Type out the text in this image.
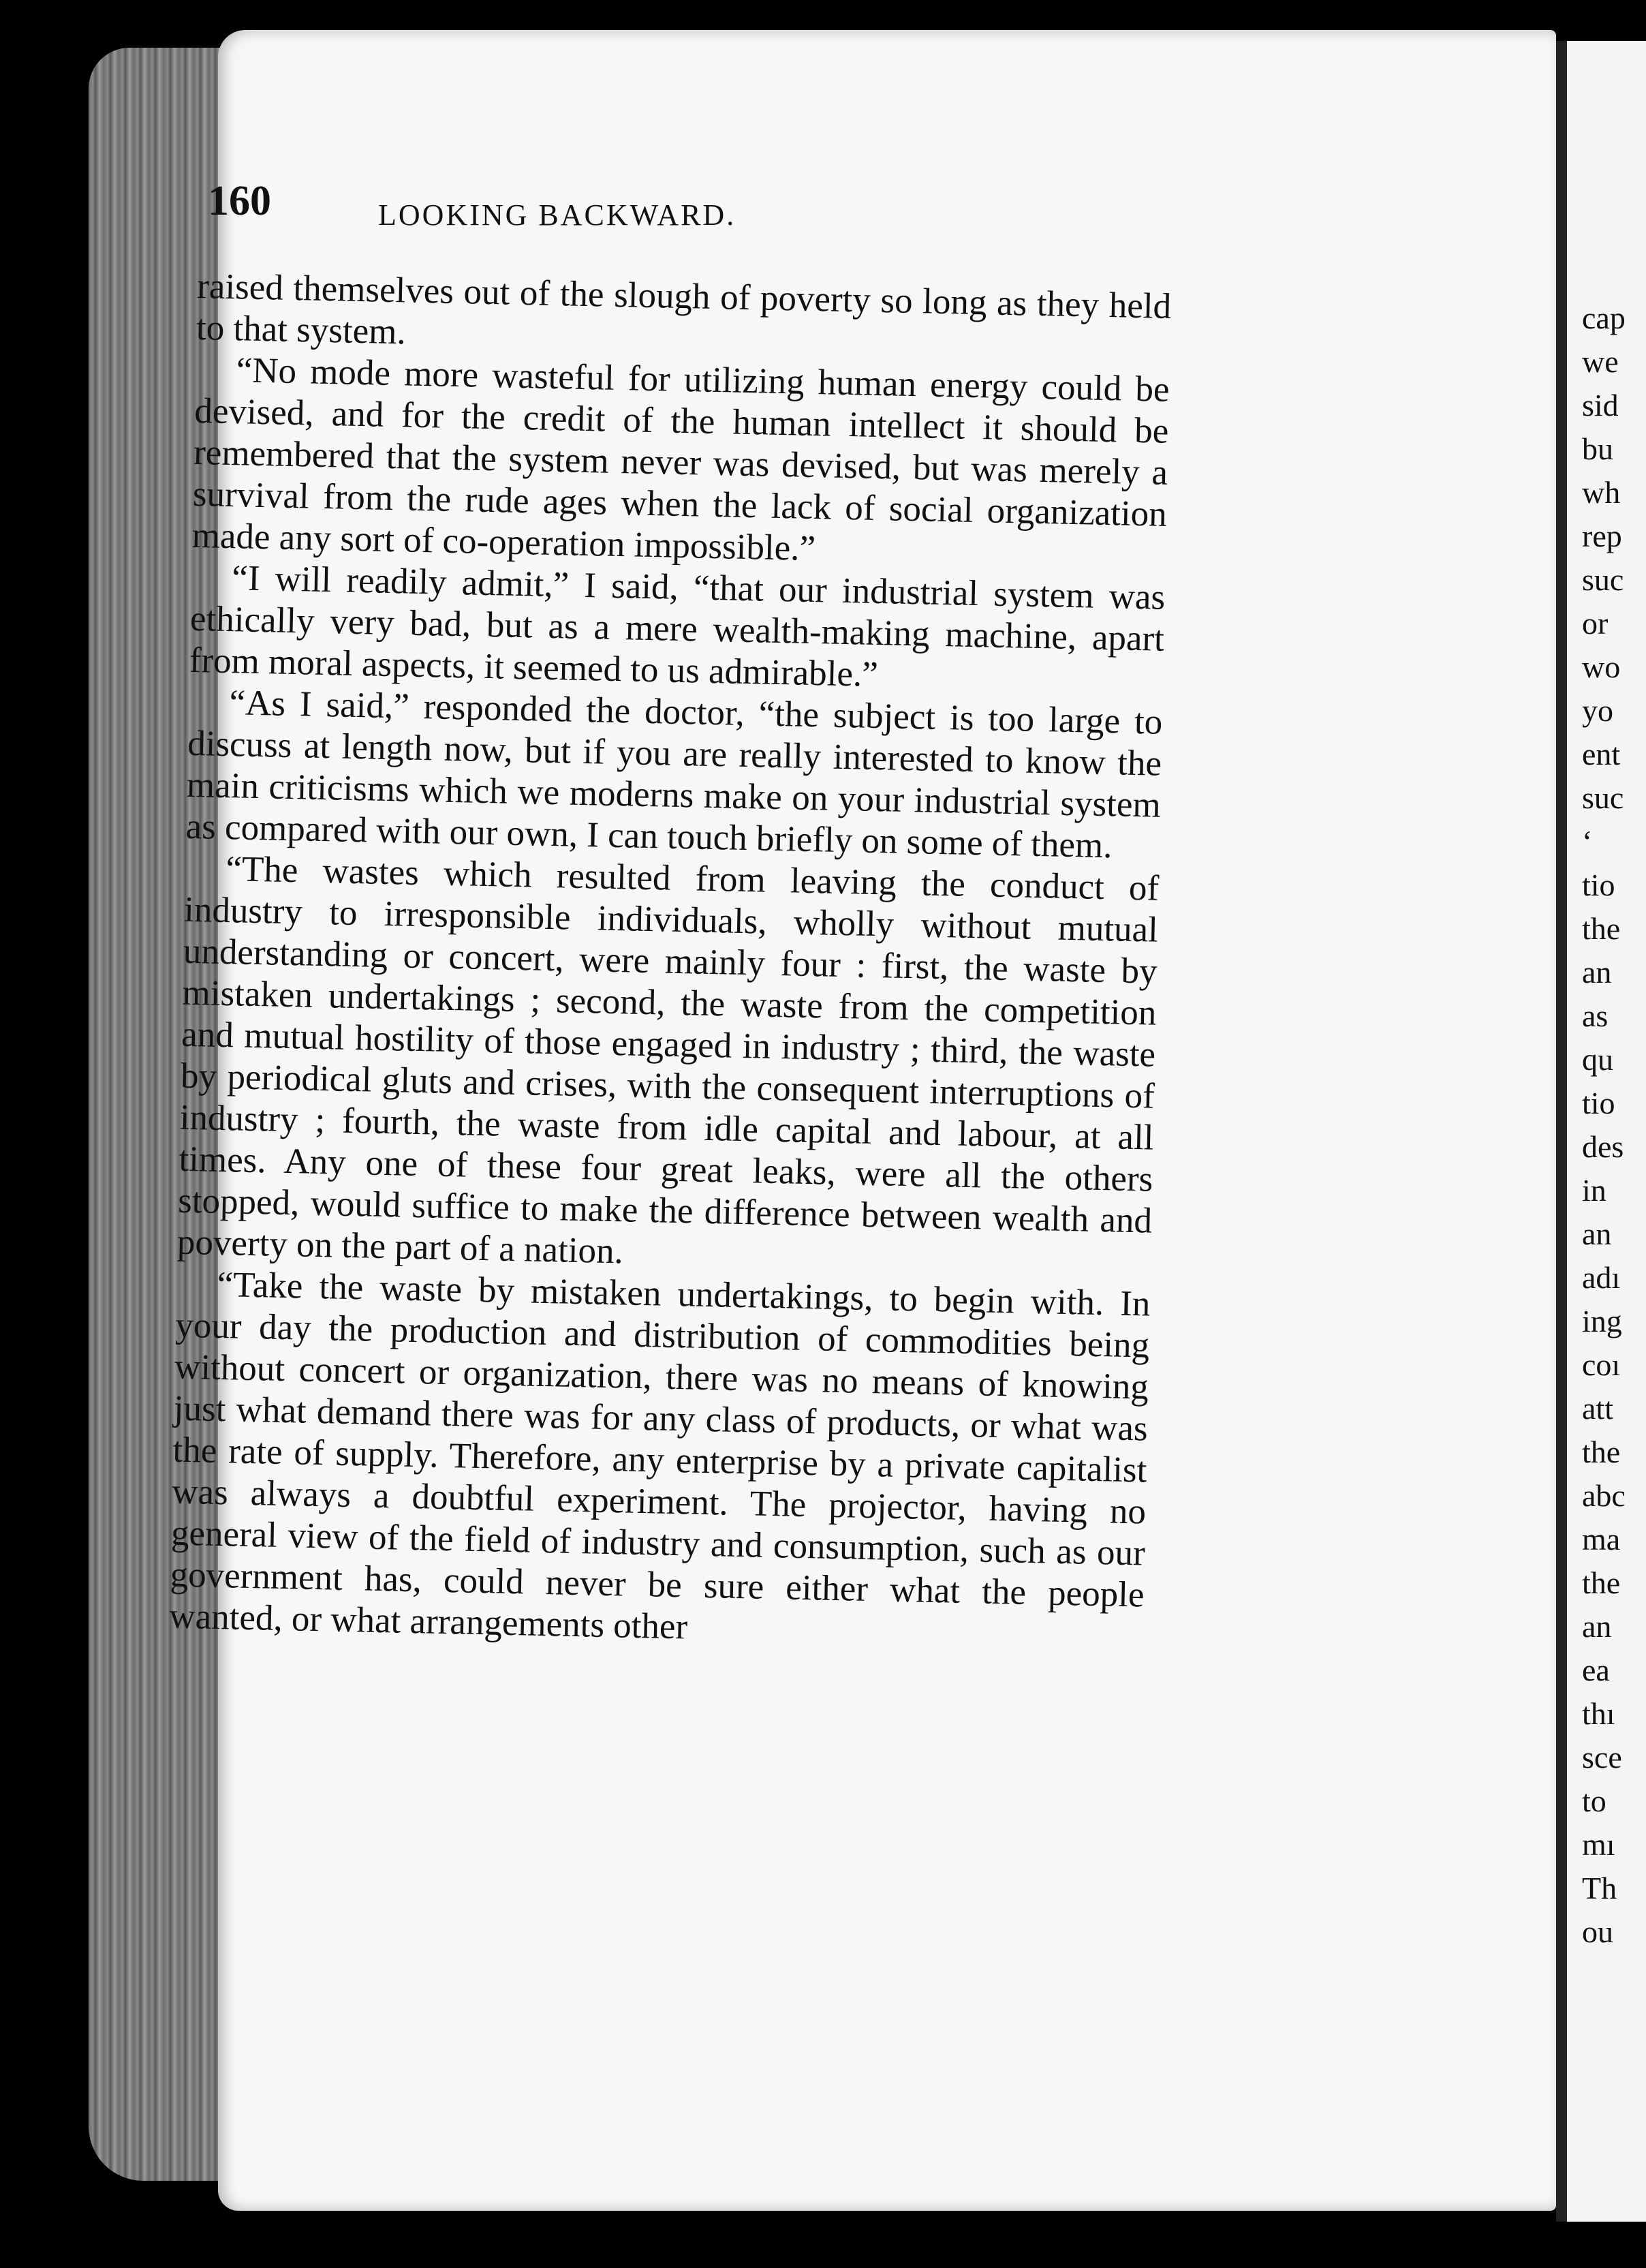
160	LOOKING BACKWARD.

raised themselves out of the slough of poverty so long as they held to that system.

“No mode more wasteful for utilizing human energy could be devised, and for the credit of the human intellect it should be remembered that the system never was devised, but was merely a survival from the rude ages when the lack of social organization made any sort of co-operation impossible.”

“I will readily admit,” I said, “that our industrial system was ethically very bad, but as a mere wealth-making machine, apart from moral aspects, it seemed to us admirable.”

“As I said,” responded the doctor, “the subject is too large to discuss at length now, but if you are really interested to know the main criticisms which we moderns make on your industrial system as compared with our own, I can touch briefly on some of them.

“The wastes which resulted from leaving the conduct of industry to irresponsible individuals, wholly without mutual understanding or concert, were mainly four : first, the waste by mistaken undertakings ; second, the waste from the competition and mutual hostility of those engaged in industry ; third, the waste by periodical gluts and crises, with the consequent interruptions of industry ; fourth, the waste from idle capital and labour, at all times. Any one of these four great leaks, were all the others stopped, would suffice to make the difference between wealth and poverty on the part of a nation.

“Take the waste by mistaken undertakings, to begin with. In your day the production and distribution of commodities being without concert or organization, there was no means of knowing just what demand there was for any class of products, or what was the rate of supply. Therefore, any enterprise by a private capitalist was always a doubtful experiment. The projector, having no general view of the field of industry and consumption, such as our government has, could never be sure either what the people wanted, or what arrangements other

cap
we
sid
bu
wh
rep
suc
or
wo
yo
ent
suc
‘
tio
the
an
as
qu
tio
des
in
an
adı
ing
coı
att
the
abc
ma
the
an
ea
thı
sce
to
mı
Th
ou
